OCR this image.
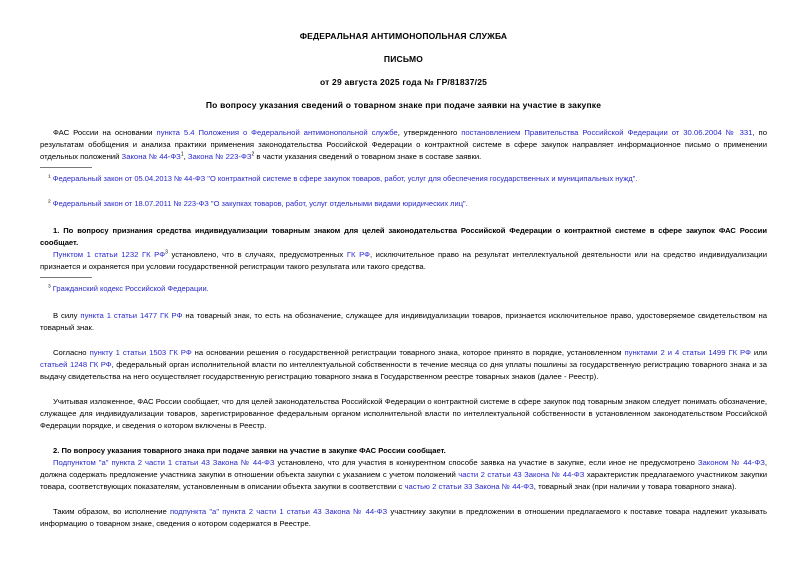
ФЕДЕРАЛЬНАЯ АНТИМОНОПОЛЬНАЯ СЛУЖБА
ПИСЬМО
от 29 августа 2025 года № ГР/81837/25
По вопросу указания сведений о товарном знаке при подаче заявки на участие в закупке
ФАС России на основании пункта 5.4 Положения о Федеральной антимонопольной службе, утвержденного постановлением Правительства Российской Федерации от 30.06.2004 № 331, по результатам обобщения и анализа практики применения законодательства Российской Федерации о контрактной системе в сфере закупок направляет информационное письмо о применении отдельных положений Закона № $44-ФЗ^1$, Закона № $223-ФЗ^2$ в части указания сведений о товарном знаке в составе заявки.
$^1$ Федеральный закон от 05.04.2013 № 44-ФЗ "О контрактной системе в сфере закупок товаров, работ, услуг для обеспечения государственных и муниципальных нужд".
$^2$ Федеральный закон от 18.07.2011 № 223-ФЗ "О закупках товаров, работ, услуг отдельными видами юридических лиц".
1. По вопросу признания средства индивидуализации товарным знаком для целей законодательства Российской Федерации о контрактной системе в сфере закупок ФАС России сообщает.
Пунктом 1 статьи 1232 ГК $РФ^3$ установлено, что в случаях, предусмотренных ГК РФ, исключительное право на результат интеллектуальной деятельности или на средство индивидуализации признается и охраняется при условии государственной регистрации такого результата или такого средства.
$^3$ Гражданский кодекс Российской Федерации.
В силу пункта 1 статьи 1477 ГК РФ на товарный знак, то есть на обозначение, служащее для индивидуализации товаров, признается исключительное право, удостоверяемое свидетельством на товарный знак.
Согласно пункту 1 статьи 1503 ГК РФ на основании решения о государственной регистрации товарного знака, которое принято в порядке, установленном пунктами 2 и 4 статьи 1499 ГК РФ или статьей 1248 ГК РФ, федеральный орган исполнительной власти по интеллектуальной собственности в течение месяца со дня уплаты пошлины за государственную регистрацию товарного знака и за выдачу свидетельства на него осуществляет государственную регистрацию товарного знака в Государственном реестре товарных знаков (далее - Реестр).
Учитывая изложенное, ФАС России сообщает, что для целей законодательства Российской Федерации о контрактной системе в сфере закупок под товарным знаком следует понимать обозначение, служащее для индивидуализации товаров, зарегистрированное федеральным органом исполнительной власти по интеллектуальной собственности в установленном законодательством Российской Федерации порядке, и сведения о котором включены в Реестр.
2. По вопросу указания товарного знака при подаче заявки на участие в закупке ФАС России сообщает.
Подпунктом "а" пункта 2 части 1 статьи 43 Закона № 44-ФЗ установлено, что для участия в конкурентном способе заявка на участие в закупке, если иное не предусмотрено Законом № 44-ФЗ, должна содержать предложение участника закупки в отношении объекта закупки с указанием с учетом положений части 2 статьи 43 Закона № 44-ФЗ характеристик предлагаемого участником закупки товара, соответствующих показателям, установленным в описании объекта закупки в соответствии с частью 2 статьи 33 Закона № 44-ФЗ, товарный знак (при наличии у товара товарного знака).
Таким образом, во исполнение подпункта "а" пункта 2 части 1 статьи 43 Закона № 44-ФЗ участнику закупки в предложении в отношении предлагаемого к поставке товара надлежит указывать информацию о товарном знаке, сведения о котором содержатся в Реестре.
